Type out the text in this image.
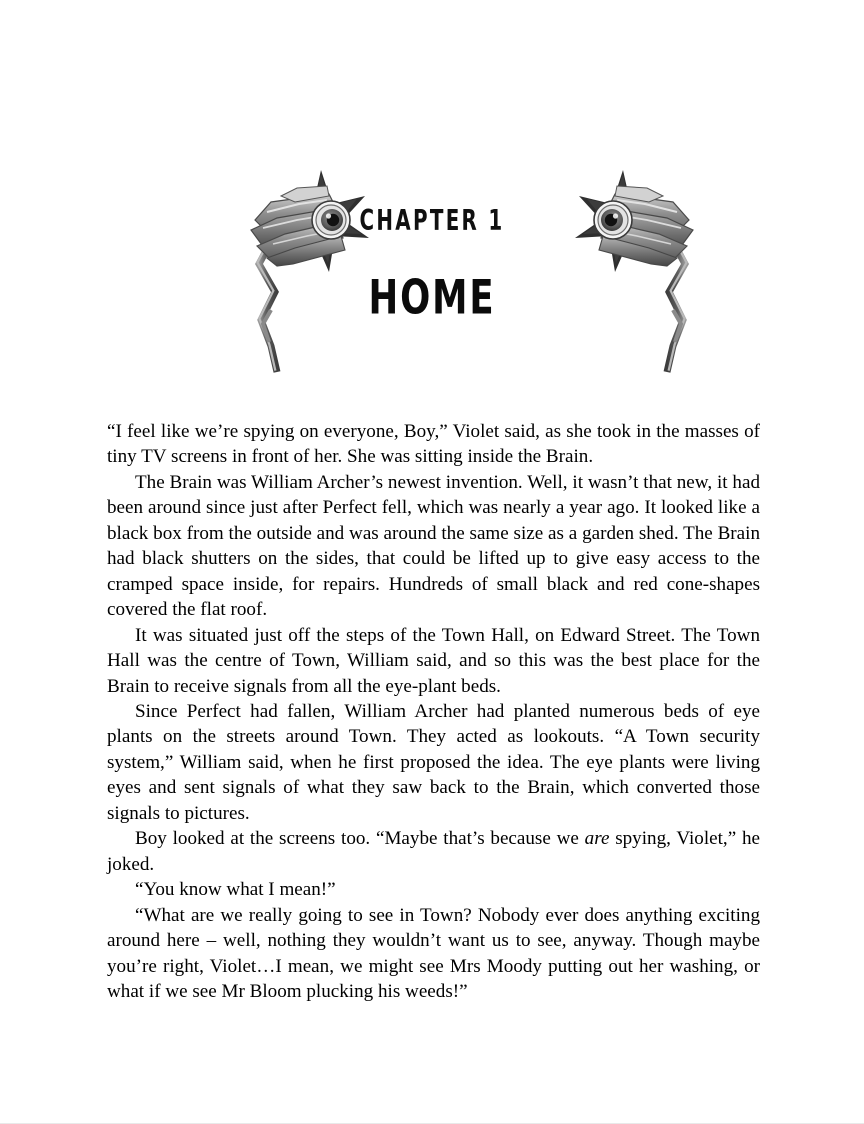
CHAPTER 1
HOME

“I feel like we’re spying on everyone, Boy,” Violet said, as she took in the masses of tiny TV screens in front of her. She was sitting inside the Brain.

The Brain was William Archer’s newest invention. Well, it wasn’t that new, it had been around since just after Perfect fell, which was nearly a year ago. It looked like a black box from the outside and was around the same size as a garden shed. The Brain had black shutters on the sides, that could be lifted up to give easy access to the cramped space inside, for repairs. Hundreds of small black and red cone-shapes covered the flat roof.

It was situated just off the steps of the Town Hall, on Edward Street. The Town Hall was the centre of Town, William said, and so this was the best place for the Brain to receive signals from all the eye-plant beds.

Since Perfect had fallen, William Archer had planted numerous beds of eye plants on the streets around Town. They acted as lookouts. “A Town security system,” William said, when he first proposed the idea. The eye plants were living eyes and sent signals of what they saw back to the Brain, which converted those signals to pictures.

Boy looked at the screens too. “Maybe that’s because we are spying, Violet,” he joked.

“You know what I mean!”

“What are we really going to see in Town? Nobody ever does anything exciting around here – well, nothing they wouldn’t want us to see, anyway. Though maybe you’re right, Violet…I mean, we might see Mrs Moody putting out her washing, or what if we see Mr Bloom plucking his weeds!”
